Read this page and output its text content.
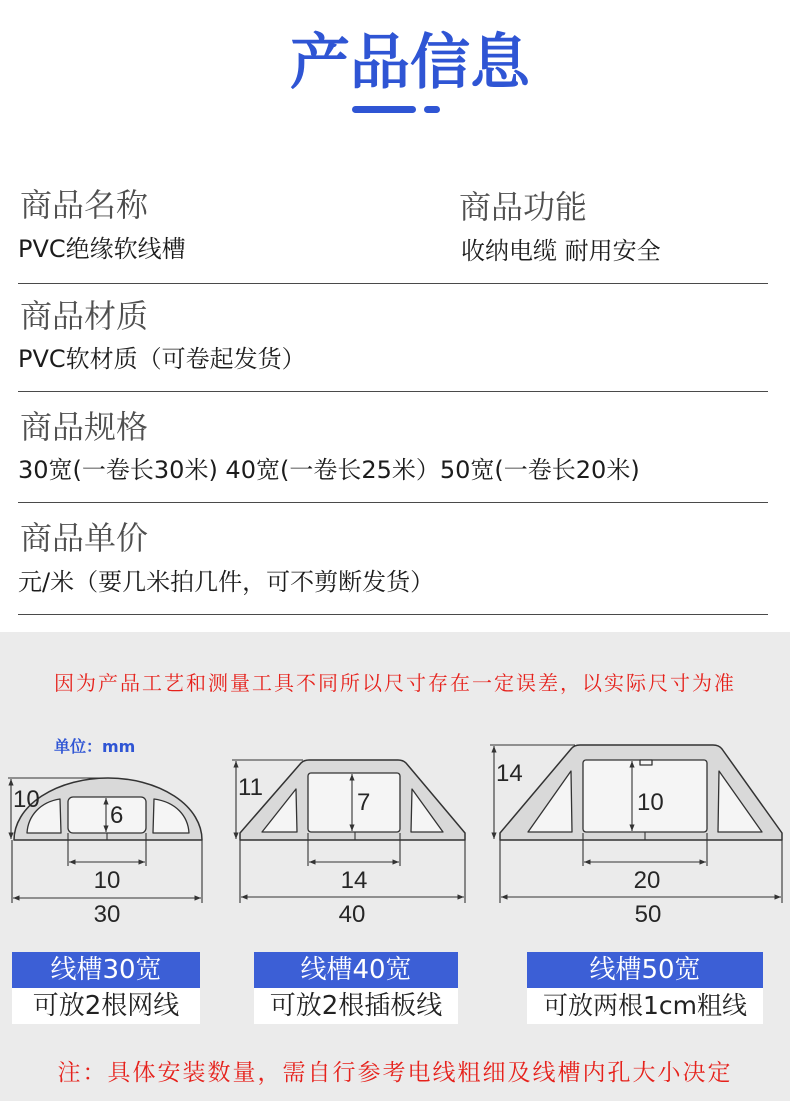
产品信息
商品名称
PVC绝缘软线槽
商品功能
收纳电缆 耐用安全
商品材质
PVC软材质（可卷起发货）
商品规格
30宽(一卷长30米) 40宽(一卷长25米）50宽(一卷长20米)
商品单价
元/米（要几米拍几件，可不剪断发货）
因为产品工艺和测量工具不同所以尺寸存在一定误差，以实际尺寸为准
单位：mm
10
6
10
30
11
7
14
40
14
10
20
50
线槽30宽
可放2根网线
线槽40宽
可放2根插板线
线槽50宽
可放两根1cm粗线
注：具体安装数量，需自行参考电线粗细及线槽内孔大小决定
